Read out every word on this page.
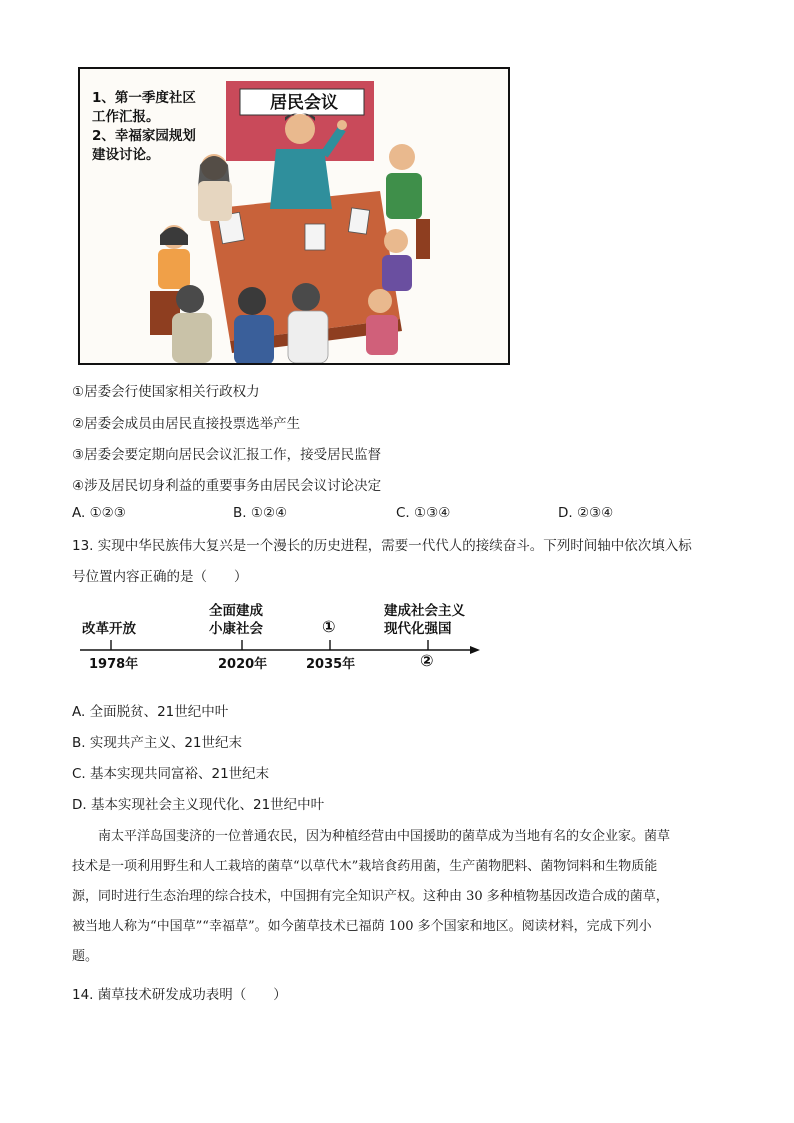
1、第一季度社区
工作汇报。
2、幸福家园规划
建设讨论。
居民会议
①居委会行使国家相关行政权力
②居委会成员由居民直接投票选举产生
③居委会要定期向居民会议汇报工作，接受居民监督
④涉及居民切身利益的重要事务由居民会议讨论决定
A. ①②③	B. ①②④	C. ①③④	D. ②③④
13. 实现中华民族伟大复兴是一个漫长的历史进程，需要一代代人的接续奋斗。下列时间轴中依次填入标
号位置内容正确的是（　　）
改革开放
全面建成
小康社会	①
建成社会主义
现代化强国
1978年	2020年	2035年	②
A. 全面脱贫、21世纪中叶
B. 实现共产主义、21世纪末
C. 基本实现共同富裕、21世纪末
D. 基本实现社会主义现代化、21世纪中叶

南太平洋岛国斐济的一位普通农民，因为种植经营由中国援助的菌草成为当地有名的女企业家。菌草

技术是一项利用野生和人工栽培的菌草“以草代木”栽培食药用菌，生产菌物肥料、菌物饲料和生物质能

源，同时进行生态治理的综合技术，中国拥有完全知识产权。这种由 30 多种植物基因改造合成的菌草，

被当地人称为“中国草”“幸福草”。如今菌草技术已福荫 100 多个国家和地区。阅读材料，完成下列小

题。

14. 菌草技术研发成功表明（　　）
